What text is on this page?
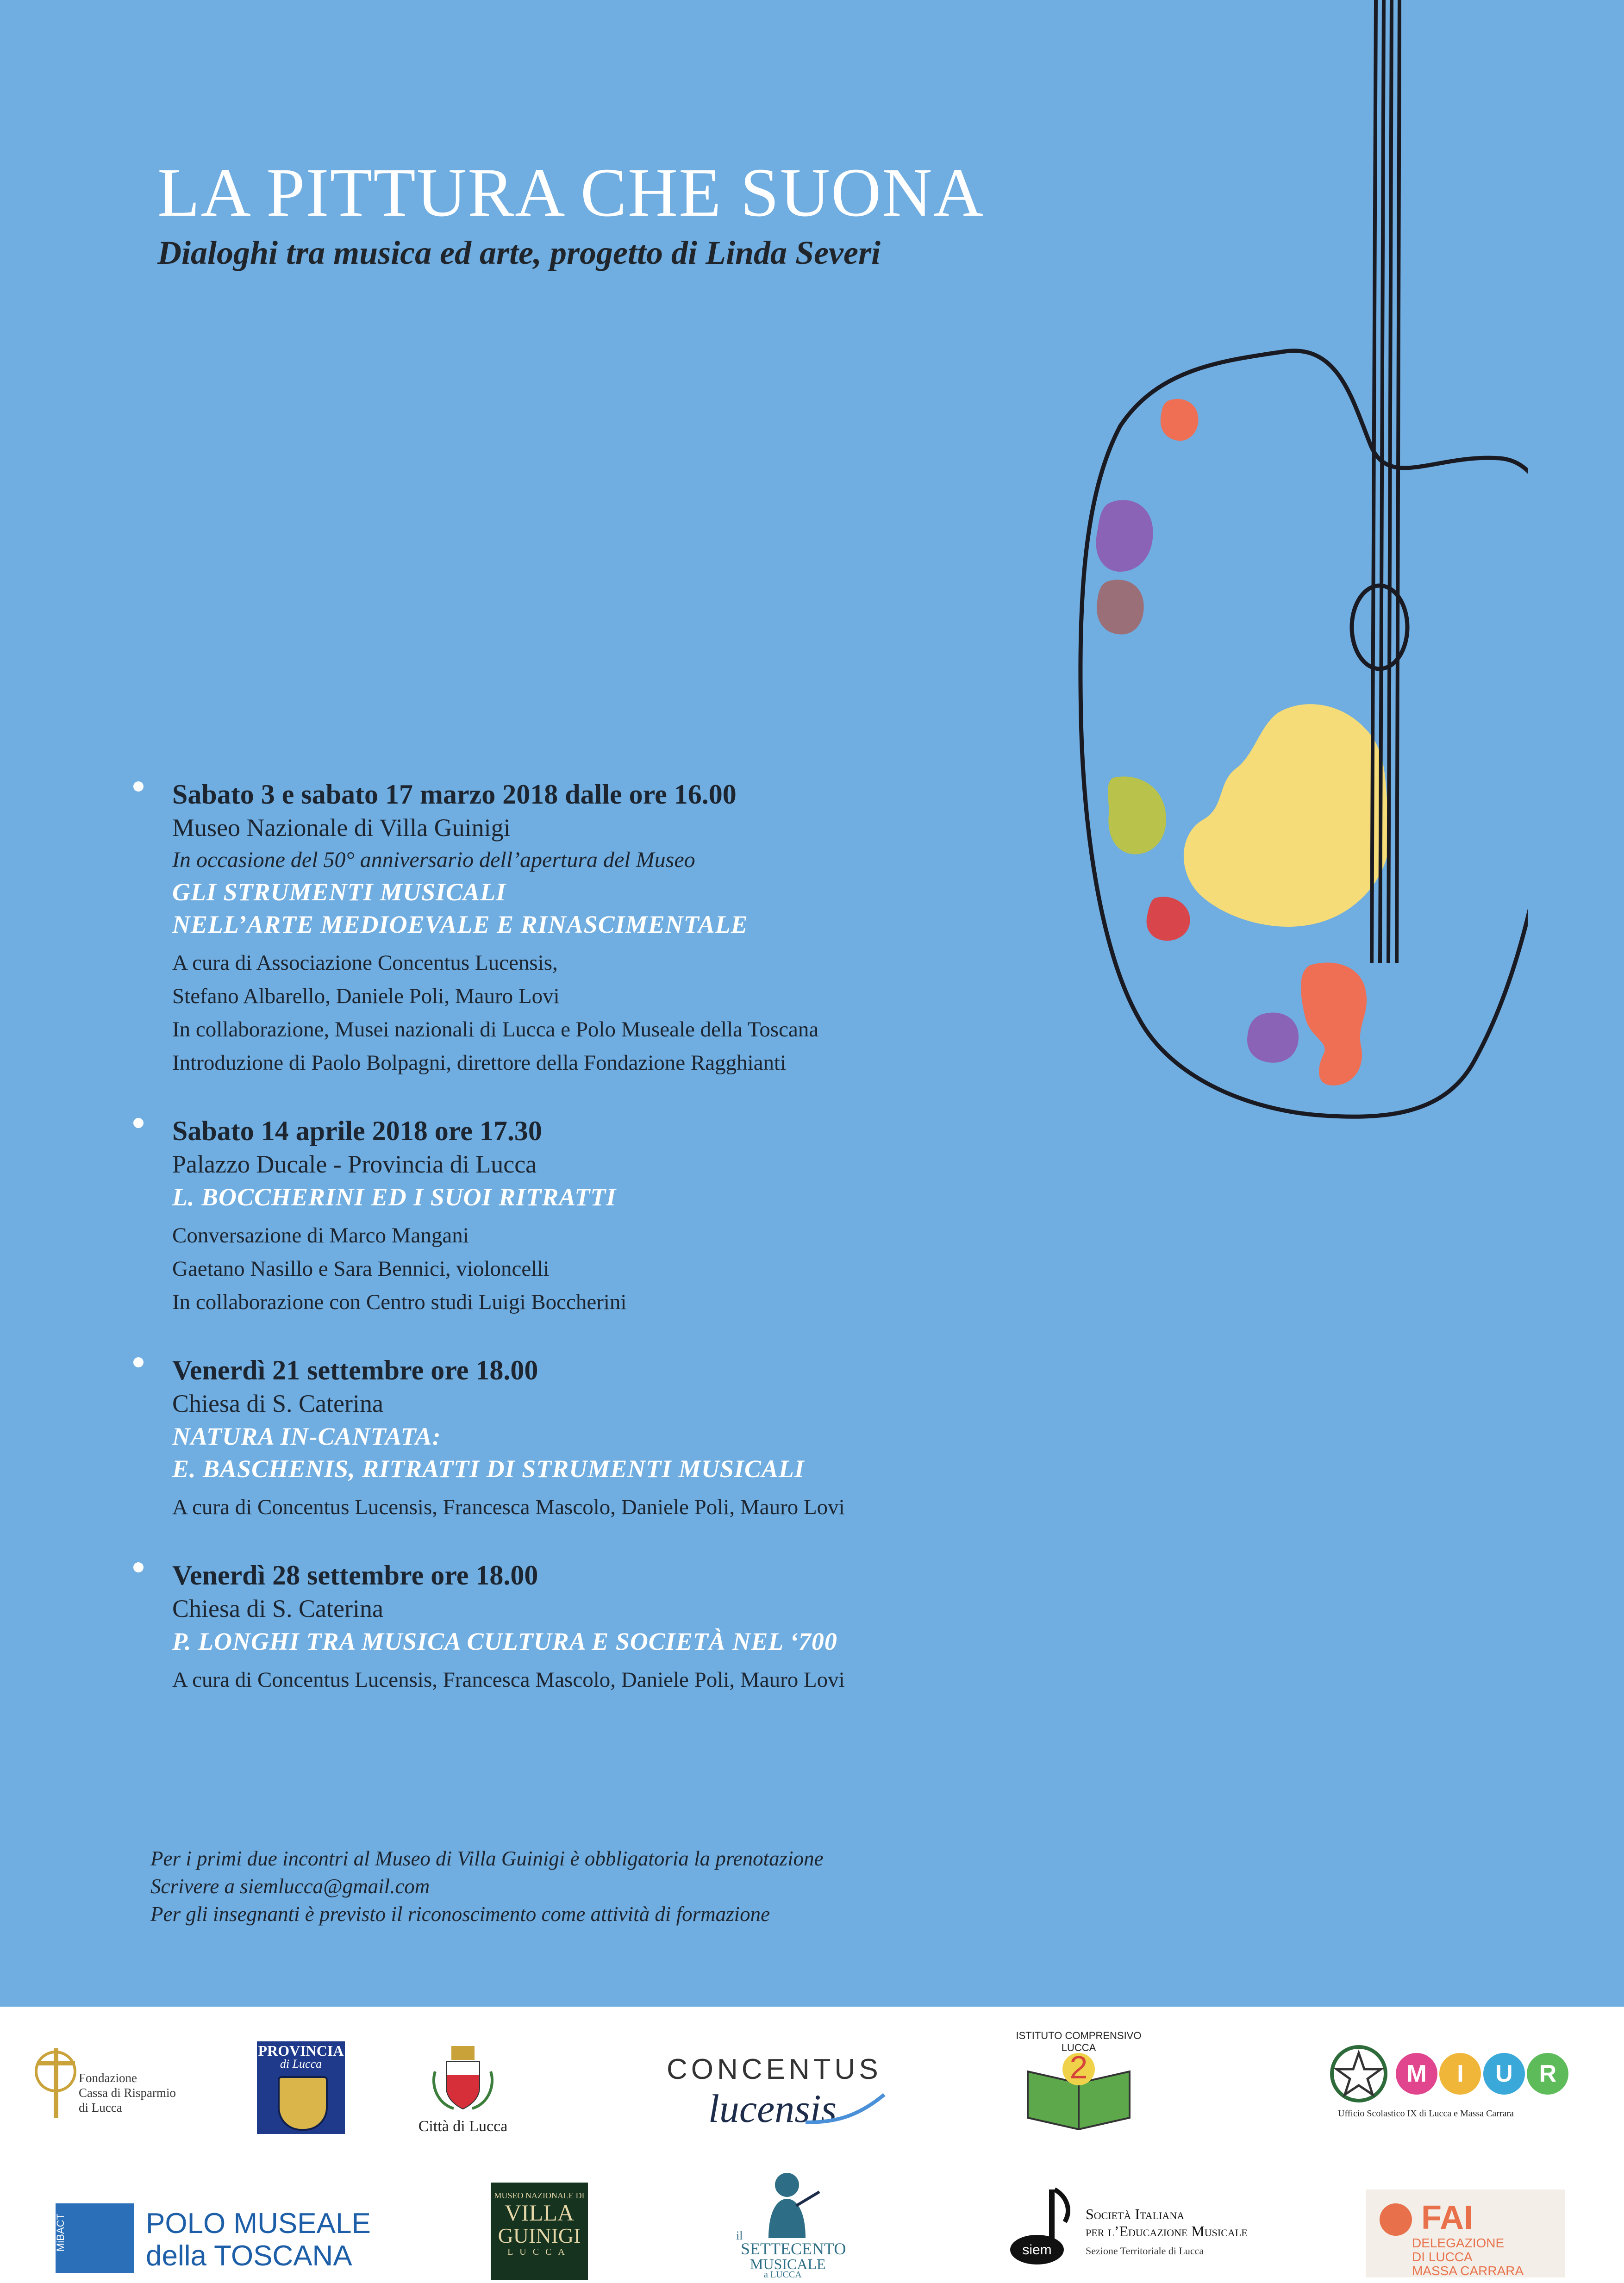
LA PITTURA CHE SUONA
Dialoghi tra musica ed arte, progetto di Linda Severi
Sabato 3 e sabato 17 marzo 2018 dalle ore 16.00
Museo Nazionale di Villa Guinigi
In occasione del 50° anniversario dell’apertura del Museo
GLI STRUMENTI MUSICALI
NELL’ARTE MEDIOEVALE E RINASCIMENTALE
A cura di Associazione Concentus Lucensis,
Stefano Albarello, Daniele Poli, Mauro Lovi
In collaborazione, Musei nazionali di Lucca e Polo Museale della Toscana
Introduzione di Paolo Bolpagni, direttore della Fondazione Ragghianti
Sabato 14 aprile 2018 ore 17.30
Palazzo Ducale - Provincia di Lucca
L. BOCCHERINI ED I SUOI RITRATTI
Conversazione di Marco Mangani
Gaetano Nasillo e Sara Bennici, violoncelli
In collaborazione con Centro studi Luigi Boccherini
Venerdì 21 settembre ore 18.00
Chiesa di S. Caterina
NATURA IN-CANTATA:
E. BASCHENIS, RITRATTI DI STRUMENTI MUSICALI
A cura di Concentus Lucensis, Francesca Mascolo, Daniele Poli, Mauro Lovi
Venerdì 28 settembre ore 18.00
Chiesa di S. Caterina
P. LONGHI TRA MUSICA CULTURA E SOCIETÀ NEL ‘700
A cura di Concentus Lucensis, Francesca Mascolo, Daniele Poli, Mauro Lovi
Per i primi due incontri al Museo di Villa Guinigi è obbligatoria la prenotazione
Scrivere a siemlucca@gmail.com
Per gli insegnanti è previsto il riconoscimento come attività di formazione
Fondazione
Cassa di Risparmio
di Lucca
PROVINCIA
di Lucca
Città di Lucca
CONCENTUS
lucensis
2
ISTITUTO COMPRENSIVO LUCCA
M I U R
Ufficio Scolastico IX di Lucca e Massa Carrara
MiBACT	POLO MUSEALE
della TOSCANA
MUSEO NAZIONALE DI
VILLA
GUINIGI
LUCCA
il
SETTECENTO
MUSICALE
a LUCCA
siem
Società Italiana
per l’Educazione Musicale
Sezione Territoriale di Lucca
FAI
DELEGAZIONE
DI LUCCA
MASSA CARRARA
